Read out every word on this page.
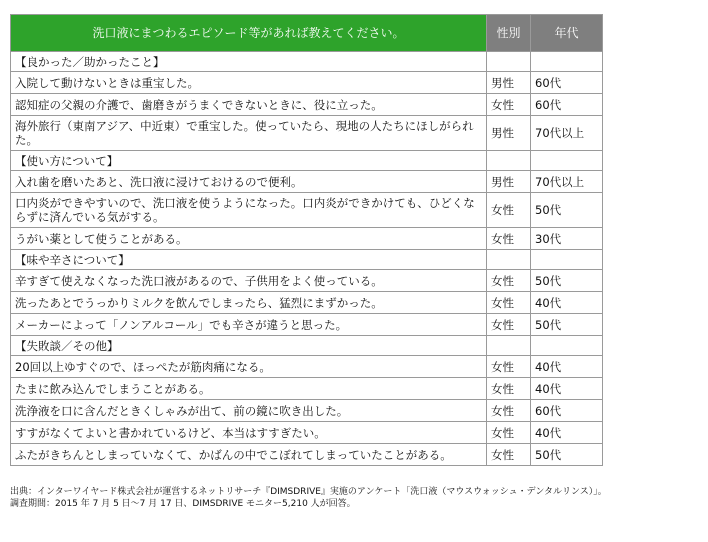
洗口液にまつわるエピソード等があれば教えてください。	性別	年代
【良かった／助かったこと】		
入院して動けないときは重宝した。	男性	60代
認知症の父親の介護で、歯磨きがうまくできないときに、役に立った。	女性	60代
海外旅行（東南アジア、中近東）で重宝した。使っていたら、現地の人たちにほしがられた。	男性	70代以上
【使い方について】		
入れ歯を磨いたあと、洗口液に浸けておけるので便利。	男性	70代以上
口内炎ができやすいので、洗口液を使うようになった。口内炎ができかけても、ひどくならずに済んでいる気がする。	女性	50代
うがい薬として使うことがある。	女性	30代
【味や辛さについて】		
辛すぎて使えなくなった洗口液があるので、子供用をよく使っている。	女性	50代
洗ったあとでうっかりミルクを飲んでしまったら、猛烈にまずかった。	女性	40代
メーカーによって「ノンアルコール」でも辛さが違うと思った。	女性	50代
【失敗談／その他】		
20回以上ゆすぐので、ほっぺたが筋肉痛になる。	女性	40代
たまに飲み込んでしまうことがある。	女性	40代
洗浄液を口に含んだときくしゃみが出て、前の鏡に吹き出した。	女性	60代
すすがなくてよいと書かれているけど、本当はすすぎたい。	女性	40代
ふたがきちんとしまっていなくて、かばんの中でこぼれてしまっていたことがある。	女性	50代
出典：インターワイヤード株式会社が運営するネットリサーチ『DIMSDRIVE』実施のアンケート「洗口液（マウスウォッシュ・デンタルリンス）」。
調査期間：2015 年 7 月 5 日～7 月 17 日、DIMSDRIVE モニター5,210 人が回答。
